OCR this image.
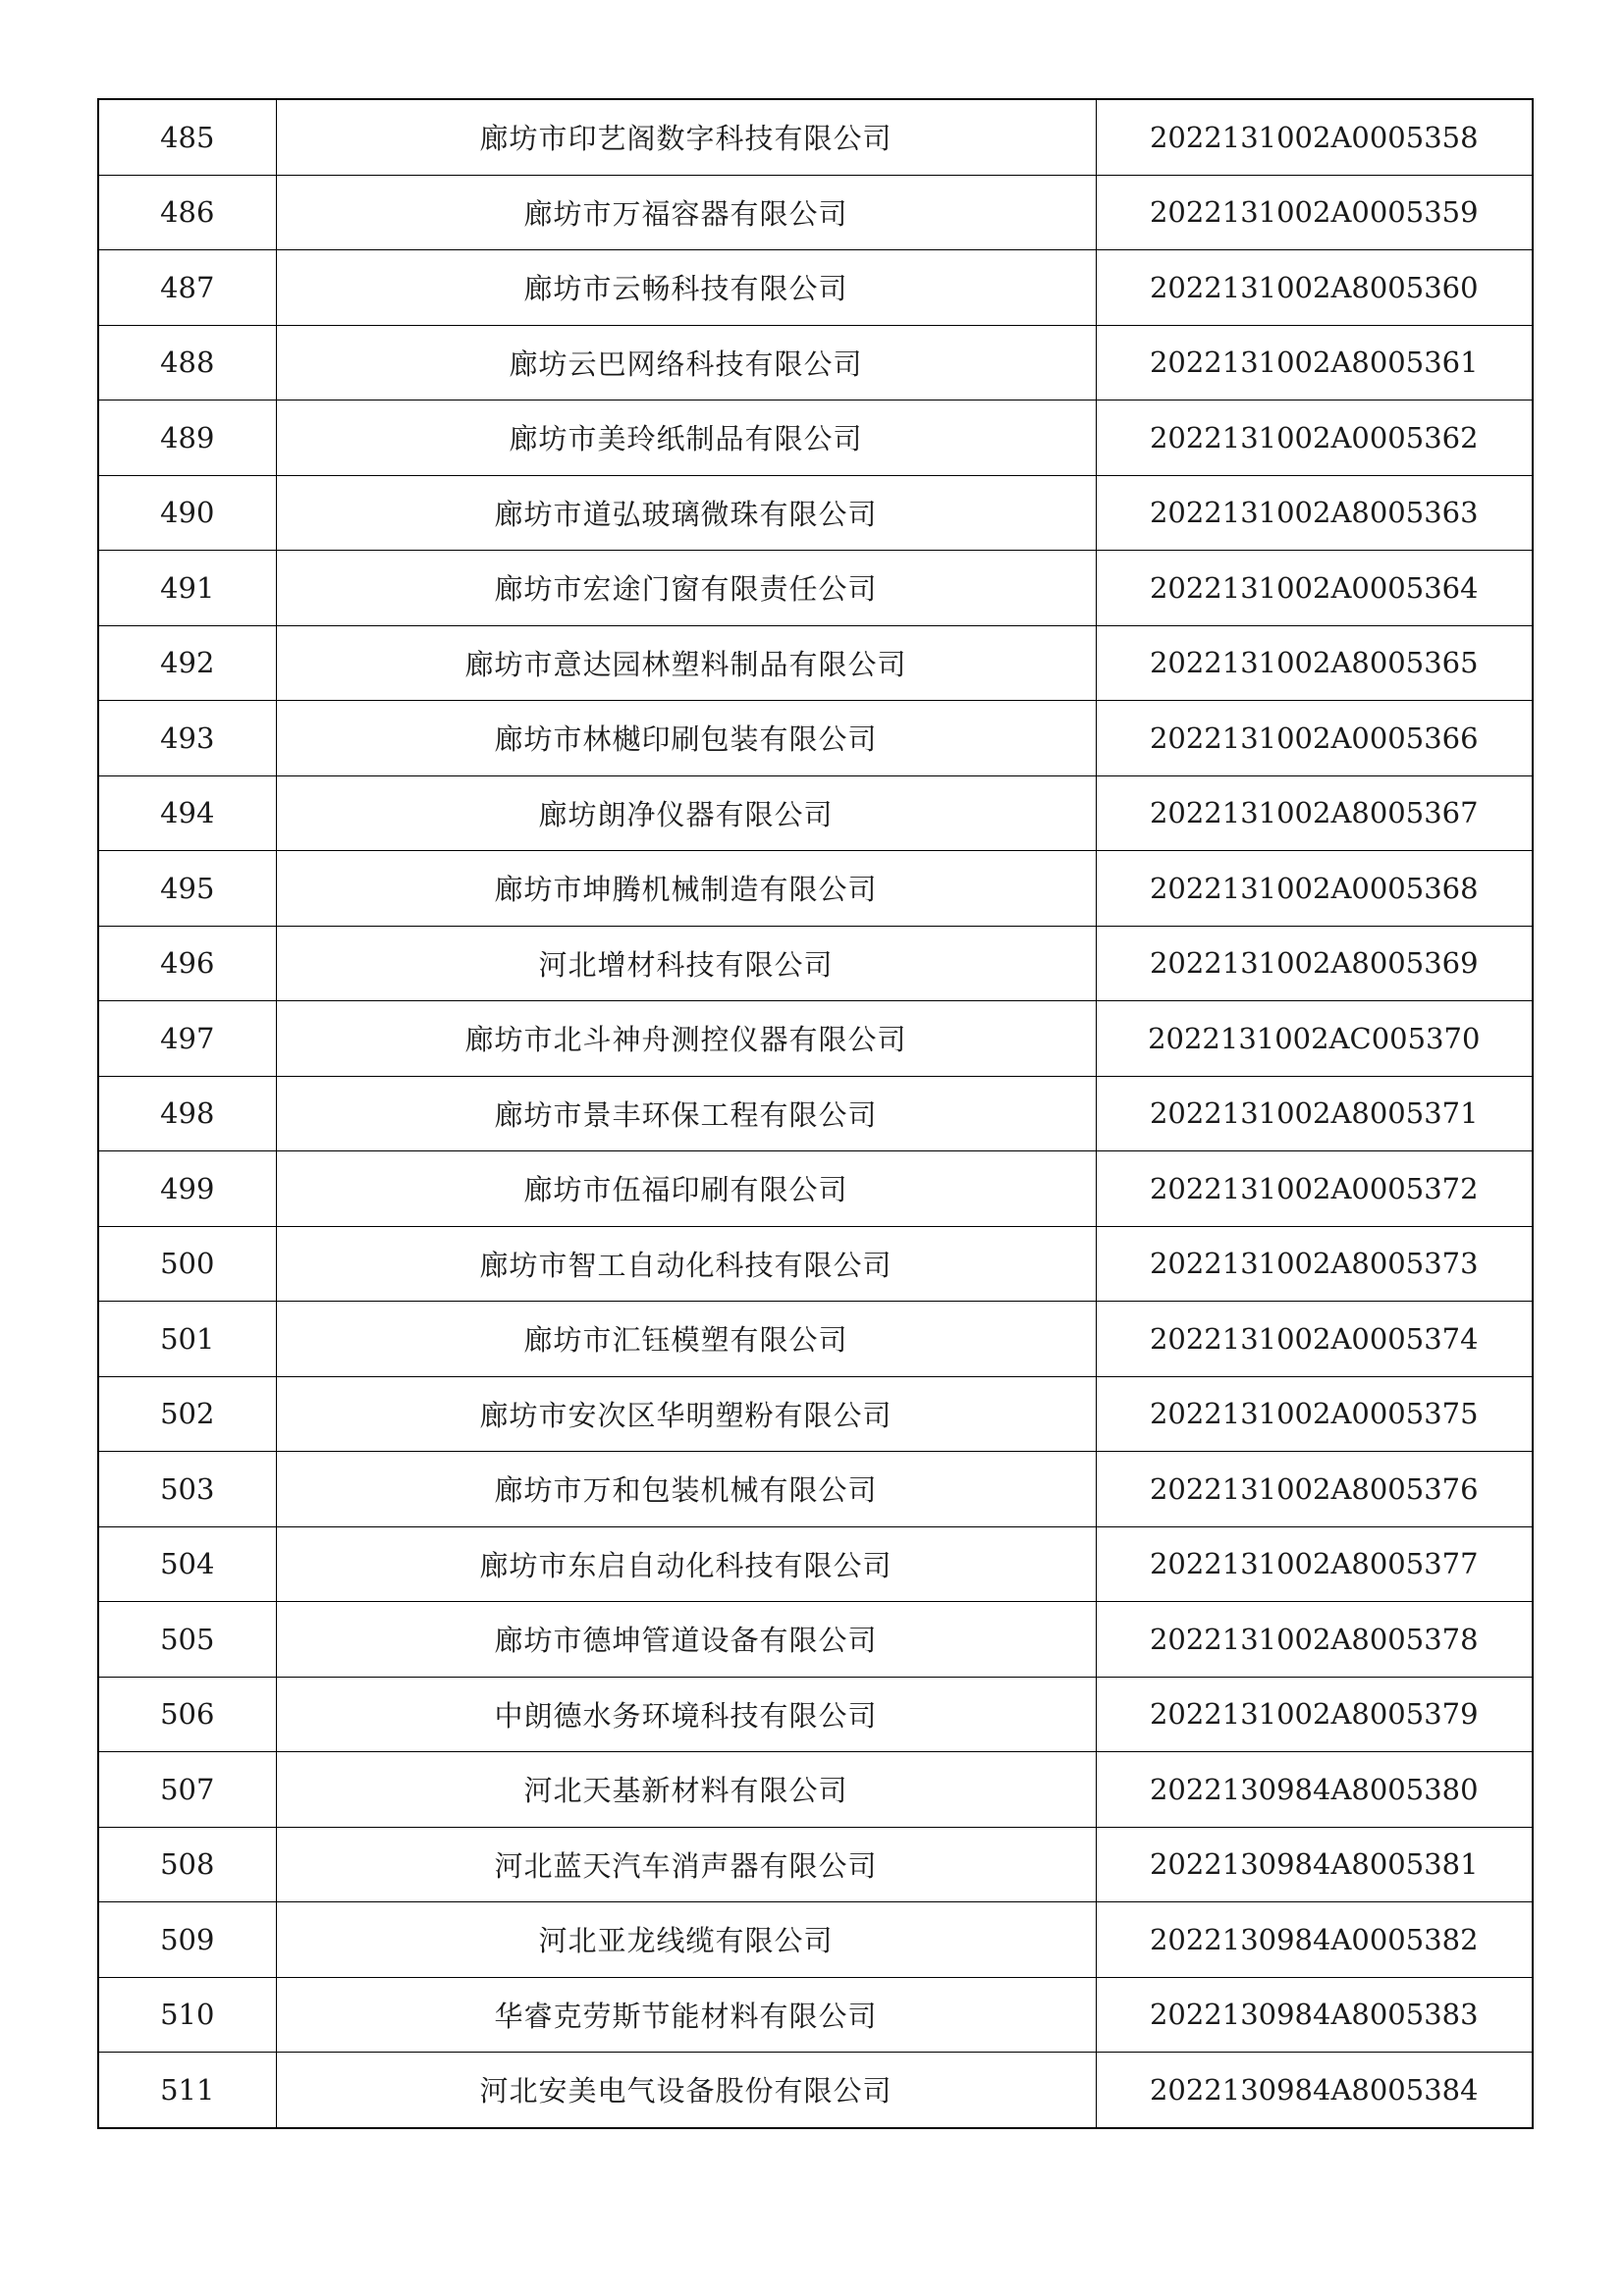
485	廊坊市印艺阁数字科技有限公司	2022131002A0005358
486	廊坊市万福容器有限公司	2022131002A0005359
487	廊坊市云畅科技有限公司	2022131002A8005360
488	廊坊云巴网络科技有限公司	2022131002A8005361
489	廊坊市美玲纸制品有限公司	2022131002A0005362
490	廊坊市道弘玻璃微珠有限公司	2022131002A8005363
491	廊坊市宏途门窗有限责任公司	2022131002A0005364
492	廊坊市意达园林塑料制品有限公司	2022131002A8005365
493	廊坊市林樾印刷包装有限公司	2022131002A0005366
494	廊坊朗净仪器有限公司	2022131002A8005367
495	廊坊市坤腾机械制造有限公司	2022131002A0005368
496	河北增材科技有限公司	2022131002A8005369
497	廊坊市北斗神舟测控仪器有限公司	2022131002AC005370
498	廊坊市景丰环保工程有限公司	2022131002A8005371
499	廊坊市伍福印刷有限公司	2022131002A0005372
500	廊坊市智工自动化科技有限公司	2022131002A8005373
501	廊坊市汇钰模塑有限公司	2022131002A0005374
502	廊坊市安次区华明塑粉有限公司	2022131002A0005375
503	廊坊市万和包装机械有限公司	2022131002A8005376
504	廊坊市东启自动化科技有限公司	2022131002A8005377
505	廊坊市德坤管道设备有限公司	2022131002A8005378
506	中朗德水务环境科技有限公司	2022131002A8005379
507	河北天基新材料有限公司	2022130984A8005380
508	河北蓝天汽车消声器有限公司	2022130984A8005381
509	河北亚龙线缆有限公司	2022130984A0005382
510	华睿克劳斯节能材料有限公司	2022130984A8005383
511	河北安美电气设备股份有限公司	2022130984A8005384
